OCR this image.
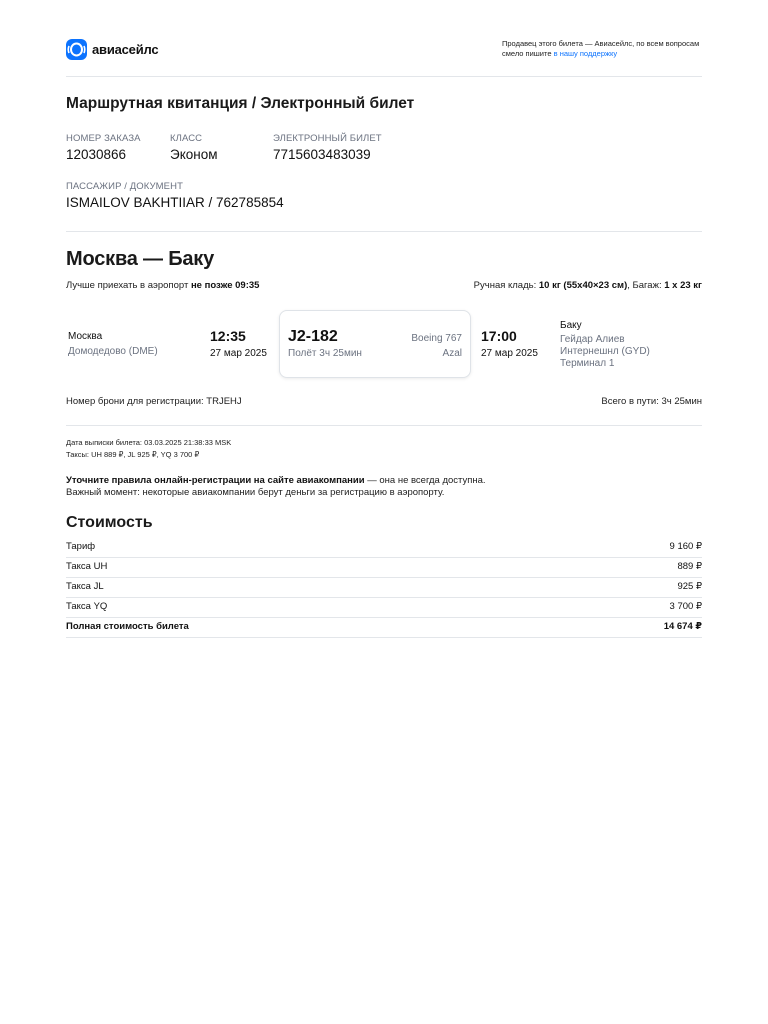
авиасейлс	Продавец этого билета — Авиасейлс, по всем вопросам смело пишите в нашу поддержку
Маршрутная квитанция / Электронный билет
НОМЕР ЗАКАЗА
12030866
КЛАСС
Эконом
ЭЛЕКТРОННЫЙ БИЛЕТ
7715603483039
ПАССАЖИР / ДОКУМЕНТ
ISMAILOV BAKHTIIAR / 762785854
Москва — Баку
Лучше приехать в аэропорт не позже 09:35	Ручная кладь: 10 кг (55x40×23 см), Багаж: 1 x 23 кг
Москва
Домодедово (DME)
12:35
27 мар 2025
J2-182
Полёт 3ч 25мин
Boeing 767
Azal
17:00
27 мар 2025
Баку
Гейдар Алиев
Интернешнл (GYD)
Терминал 1
Номер брони для регистрации: TRJEHJ	Всего в пути: 3ч 25мин
Дата выписки билета: 03.03.2025 21:38:33 MSK
Таксы: UH 889 ₽, JL 925 ₽, YQ 3 700 ₽
Уточните правила онлайн-регистрации на сайте авиакомпании — она не всегда доступна.
Важный момент: некоторые авиакомпании берут деньги за регистрацию в аэропорту.
Стоимость
Тариф	9 160 ₽
Такса UH	889 ₽
Такса JL	925 ₽
Такса YQ	3 700 ₽
Полная стоимость билета	14 674 ₽
